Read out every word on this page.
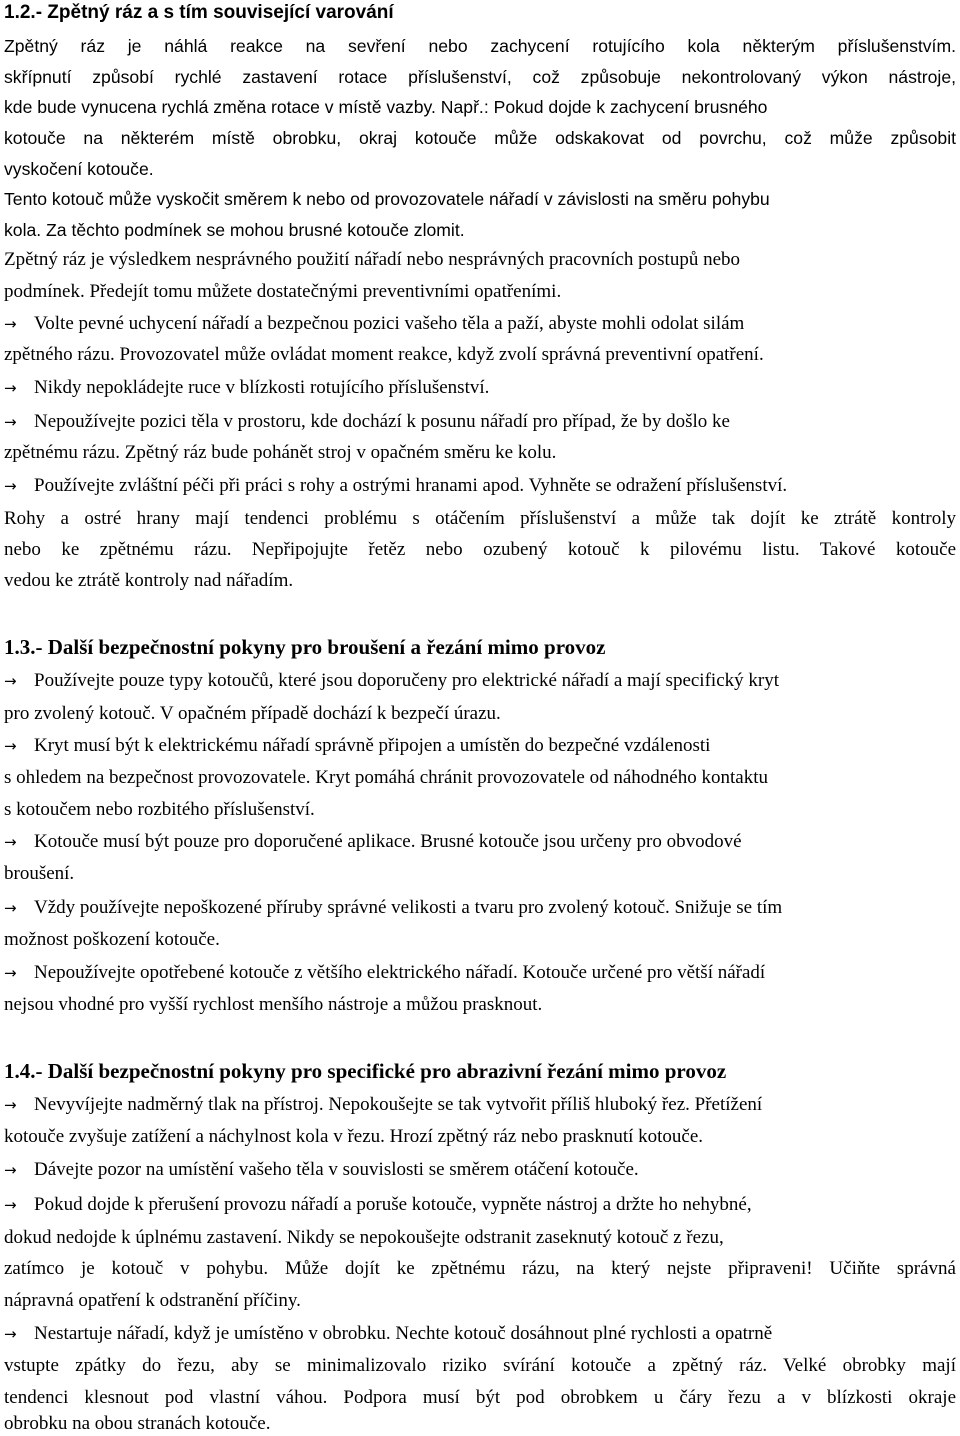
1.2.- Zpětný ráz a s tím související varování

Zpětný ráz je náhlá reakce na sevření nebo zachycení rotujícího kola některým příslušenstvím.

skřípnutí způsobí rychlé zastavení rotace příslušenství, což způsobuje nekontrolovaný výkon nástroje,

kde bude vynucena rychlá změna rotace v místě vazby. Např.: Pokud dojde k zachycení brusného

kotouče na některém místě obrobku, okraj kotouče může odskakovat od povrchu, což může způsobit

vyskočení kotouče.

Tento kotouč může vyskočit směrem k nebo od provozovatele nářadí v závislosti na směru pohybu

kola. Za těchto podmínek se mohou brusné kotouče zlomit.

Zpětný ráz je výsledkem nesprávného použití nářadí nebo nesprávných pracovních postupů nebo

podmínek. Předejít tomu můžete dostatečnými preventivními opatřeními.

→ Volte pevné uchycení nářadí a bezpečnou pozici vašeho těla a paží, abyste mohli odolat silám

zpětného rázu. Provozovatel může ovládat moment reakce, když zvolí správná preventivní opatření.

→ Nikdy nepokládejte ruce v blízkosti rotujícího příslušenství.

→ Nepoužívejte pozici těla v prostoru, kde dochází k posunu nářadí pro případ, že by došlo ke

zpětnému rázu. Zpětný ráz bude pohánět stroj v opačném směru ke kolu.

→ Používejte zvláštní péči při práci s rohy a ostrými hranami apod. Vyhněte se odražení příslušenství.

Rohy a ostré hrany mají tendenci problému s otáčením příslušenství a může tak dojít ke ztrátě kontroly

nebo ke zpětnému rázu. Nepřipojujte řetěz nebo ozubený kotouč k pilovému listu. Takové kotouče

vedou ke ztrátě kontroly nad nářadím.

1.3.- Další bezpečnostní pokyny pro broušení a řezání mimo provoz

→ Používejte pouze typy kotoučů, které jsou doporučeny pro elektrické nářadí a mají specifický kryt

pro zvolený kotouč. V opačném případě dochází k bezpečí úrazu.

→ Kryt musí být k elektrickému nářadí správně připojen a umístěn do bezpečné vzdálenosti

s ohledem na bezpečnost provozovatele. Kryt pomáhá chránit provozovatele od náhodného kontaktu

s kotoučem nebo rozbitého příslušenství.

→ Kotouče musí být pouze pro doporučené aplikace. Brusné kotouče jsou určeny pro obvodové

broušení.

→ Vždy používejte nepoškozené příruby správné velikosti a tvaru pro zvolený kotouč. Snižuje se tím

možnost poškození kotouče.

→ Nepoužívejte opotřebené kotouče z většího elektrického nářadí. Kotouče určené pro větší nářadí

nejsou vhodné pro vyšší rychlost menšího nástroje a můžou prasknout.

1.4.- Další bezpečnostní pokyny pro specifické pro abrazivní řezání mimo provoz

→ Nevyvíjejte nadměrný tlak na přístroj. Nepokoušejte se tak vytvořit příliš hluboký řez. Přetížení

kotouče zvyšuje zatížení a náchylnost kola v řezu. Hrozí zpětný ráz nebo prasknutí kotouče.

→ Dávejte pozor na umístění vašeho těla v souvislosti se směrem otáčení kotouče.

→ Pokud dojde k přerušení provozu nářadí a poruše kotouče, vypněte nástroj a držte ho nehybné,

dokud nedojde k úplnému zastavení. Nikdy se nepokoušejte odstranit zaseknutý kotouč z řezu,

zatímco je kotouč v pohybu. Může dojít ke zpětnému rázu, na který nejste připraveni! Učiňte správná

nápravná opatření k odstranění příčiny.

→ Nestartuje nářadí, když je umístěno v obrobku. Nechte kotouč dosáhnout plné rychlosti a opatrně

vstupte zpátky do řezu, aby se minimalizovalo riziko svírání kotouče a zpětný ráz. Velké obrobky mají

tendenci klesnout pod vlastní váhou. Podpora musí být pod obrobkem u čáry řezu a v blízkosti okraje

obrobku na obou stranách kotouče.
